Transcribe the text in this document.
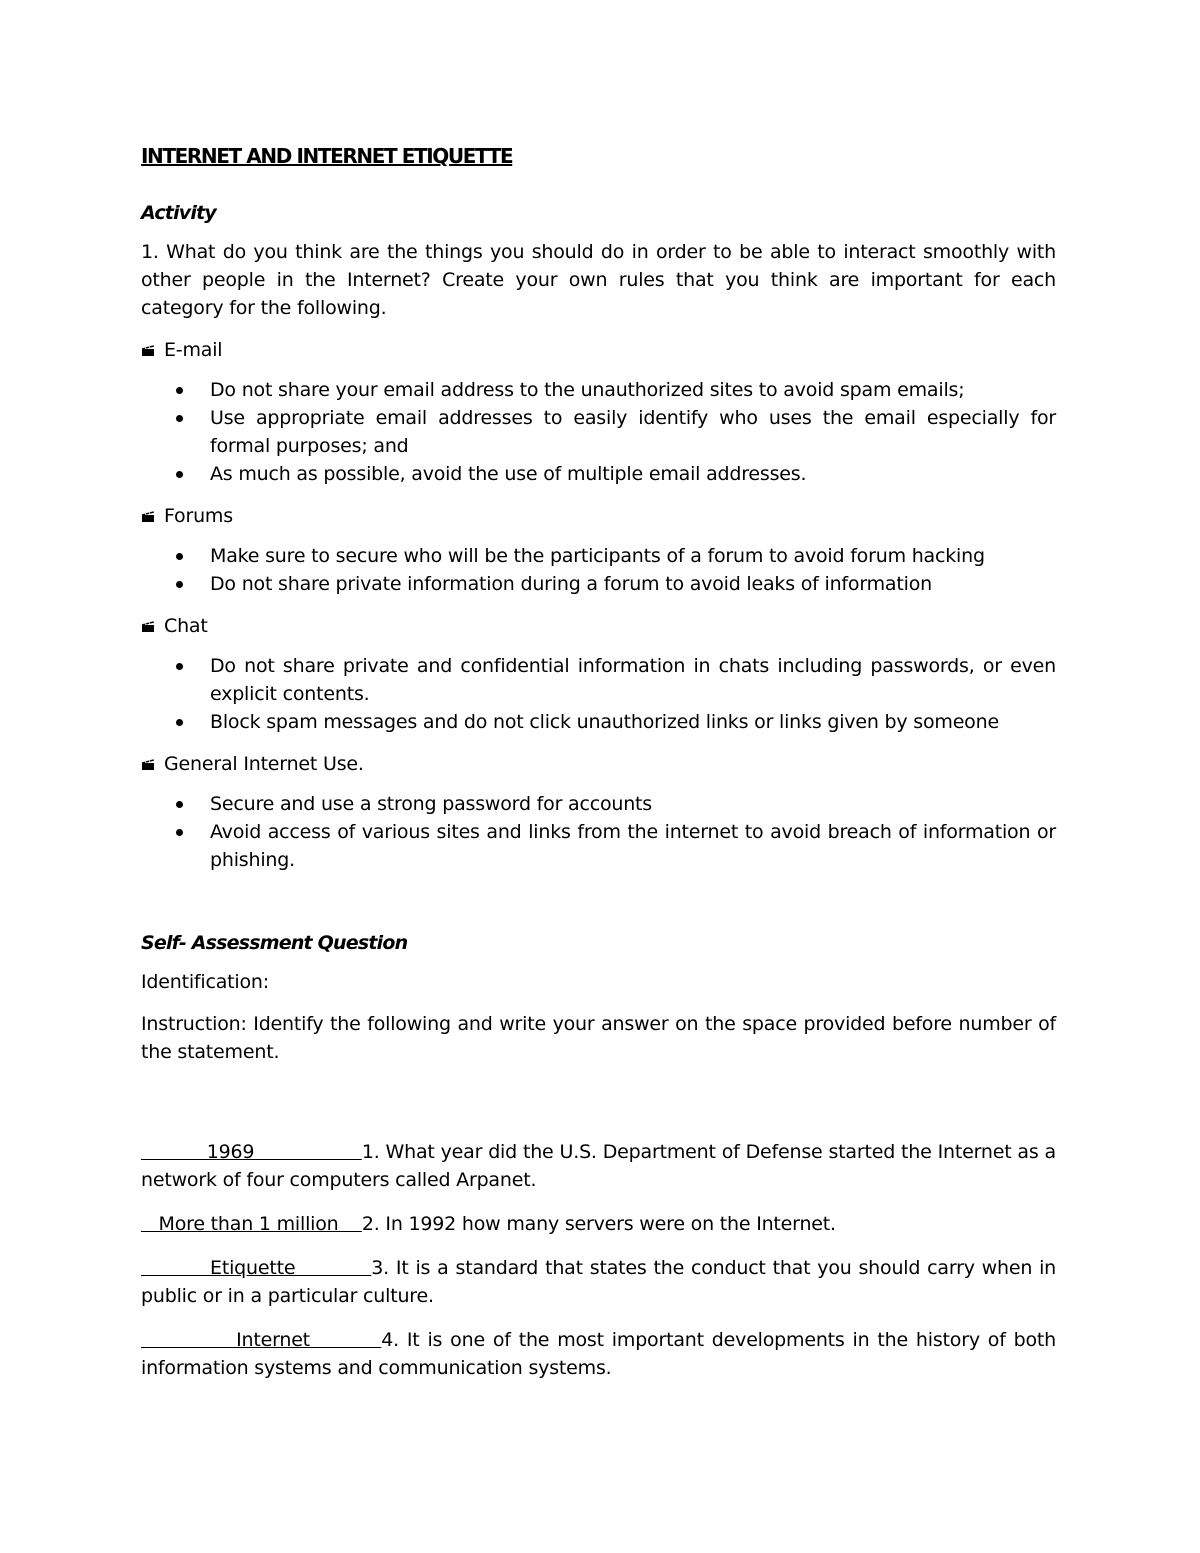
INTERNET AND INTERNET ETIQUETTE
Activity
1. What do you think are the things you should do in order to be able to interact smoothly with other people in the Internet? Create your own rules that you think are important for each category for the following.
E-mail
Do not share your email address to the unauthorized sites to avoid spam emails;
Use appropriate email addresses to easily identify who uses the email especially for formal purposes; and
As much as possible, avoid the use of multiple email addresses.
Forums
Make sure to secure who will be the participants of a forum to avoid forum hacking
Do not share private information during a forum to avoid leaks of information
Chat
Do not share private and confidential information in chats including passwords, or even explicit contents.
Block spam messages and do not click unauthorized links or links given by someone
General Internet Use.
Secure and use a strong password for accounts
Avoid access of various sites and links from the internet to avoid breach of information or phishing.
Self- Assessment Question
Identification:
Instruction: Identify the following and write your answer on the space provided before number of the statement.
1969                  1. What year did the U.S. Department of Defense started the Internet as a network of four computers called Arpanet.
More than 1 million    2. In 1992 how many servers were on the Internet.
Etiquette           3. It is a standard that states the conduct that you should carry when in public or in a particular culture.
Internet         4. It is one of the most important developments in the history of both information systems and communication systems.
